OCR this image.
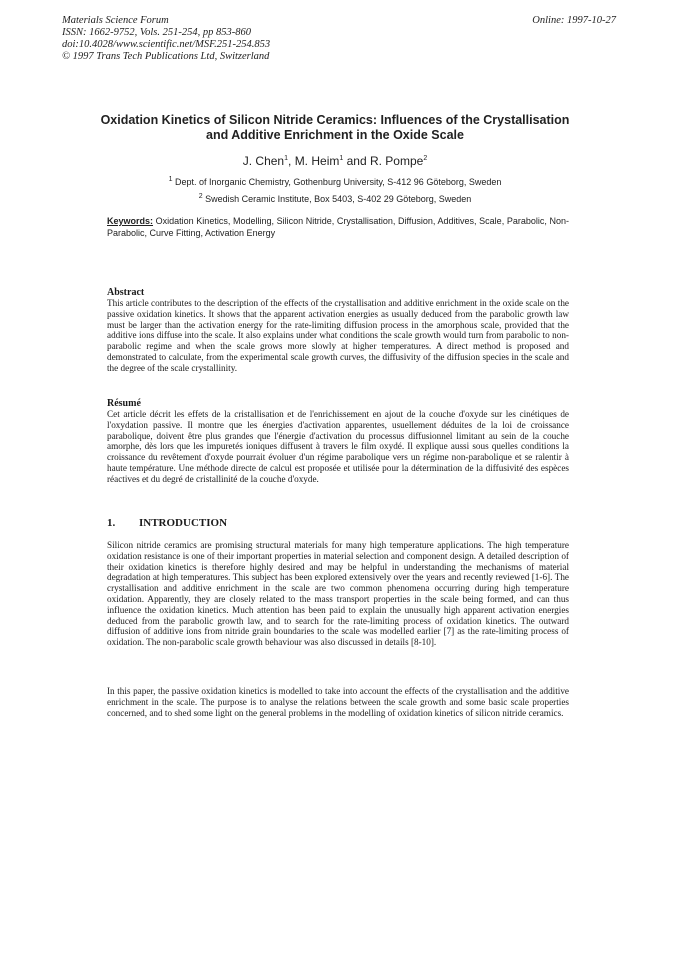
Materials Science Forum
ISSN: 1662-9752, Vols. 251-254, pp 853-860
doi:10.4028/www.scientific.net/MSF.251-254.853
© 1997 Trans Tech Publications Ltd, Switzerland
Online: 1997-10-27
Oxidation Kinetics of Silicon Nitride Ceramics: Influences of the Crystallisation and Additive Enrichment in the Oxide Scale
J. Chen$^1$, M. Heim$^1$ and R. Pompe$^2$
$^1$ Dept. of Inorganic Chemistry, Gothenburg University, S-412 96 Göteborg, Sweden
$^2$ Swedish Ceramic Institute, Box 5403, S-402 29 Göteborg, Sweden
Keywords: Oxidation Kinetics, Modelling, Silicon Nitride, Crystallisation, Diffusion, Additives, Scale, Parabolic, Non-Parabolic, Curve Fitting, Activation Energy
Abstract
This article contributes to the description of the effects of the crystallisation and additive enrichment in the oxide scale on the passive oxidation kinetics. It shows that the apparent activation energies as usually deduced from the parabolic growth law must be larger than the activation energy for the rate-limiting diffusion process in the amorphous scale, provided that the additive ions diffuse into the scale. It also explains under what conditions the scale growth would turn from parabolic to non-parabolic regime and when the scale grows more slowly at higher temperatures. A direct method is proposed and demonstrated to calculate, from the experimental scale growth curves, the diffusivity of the diffusion species in the scale and the degree of the scale crystallinity.
Résumé
Cet article décrit les effets de la cristallisation et de l'enrichissement en ajout de la couche d'oxyde sur les cinétiques de l'oxydation passive. Il montre que les énergies d'activation apparentes, usuellement déduites de la loi de croissance parabolique, doivent être plus grandes que l'énergie d'activation du processus diffusionnel limitant au sein de la couche amorphe, dès lors que les impuretés ioniques diffusent à travers le film oxydé. Il explique aussi sous quelles conditions la croissance du revêtement d'oxyde pourrait évoluer d'un régime parabolique vers un régime non-parabolique et se ralentir à haute température. Une méthode directe de calcul est proposée et utilisée pour la détermination de la diffusivité des espèces réactives et du degré de cristallinité de la couche d'oxyde.
1. INTRODUCTION
Silicon nitride ceramics are promising structural materials for many high temperature applications. The high temperature oxidation resistance is one of their important properties in material selection and component design. A detailed description of their oxidation kinetics is therefore highly desired and may be helpful in understanding the mechanisms of material degradation at high temperatures. This subject has been explored extensively over the years and recently reviewed [1-6]. The crystallisation and additive enrichment in the scale are two common phenomena occurring during high temperature oxidation. Apparently, they are closely related to the mass transport properties in the scale being formed, and can thus influence the oxidation kinetics. Much attention has been paid to explain the unusually high apparent activation energies deduced from the parabolic growth law, and to search for the rate-limiting process of oxidation kinetics. The outward diffusion of additive ions from nitride grain boundaries to the scale was modelled earlier [7] as the rate-limiting process of oxidation. The non-parabolic scale growth behaviour was also discussed in details [8-10].
In this paper, the passive oxidation kinetics is modelled to take into account the effects of the crystallisation and the additive enrichment in the scale. The purpose is to analyse the relations between the scale growth and some basic scale properties concerned, and to shed some light on the general problems in the modelling of oxidation kinetics of silicon nitride ceramics.
